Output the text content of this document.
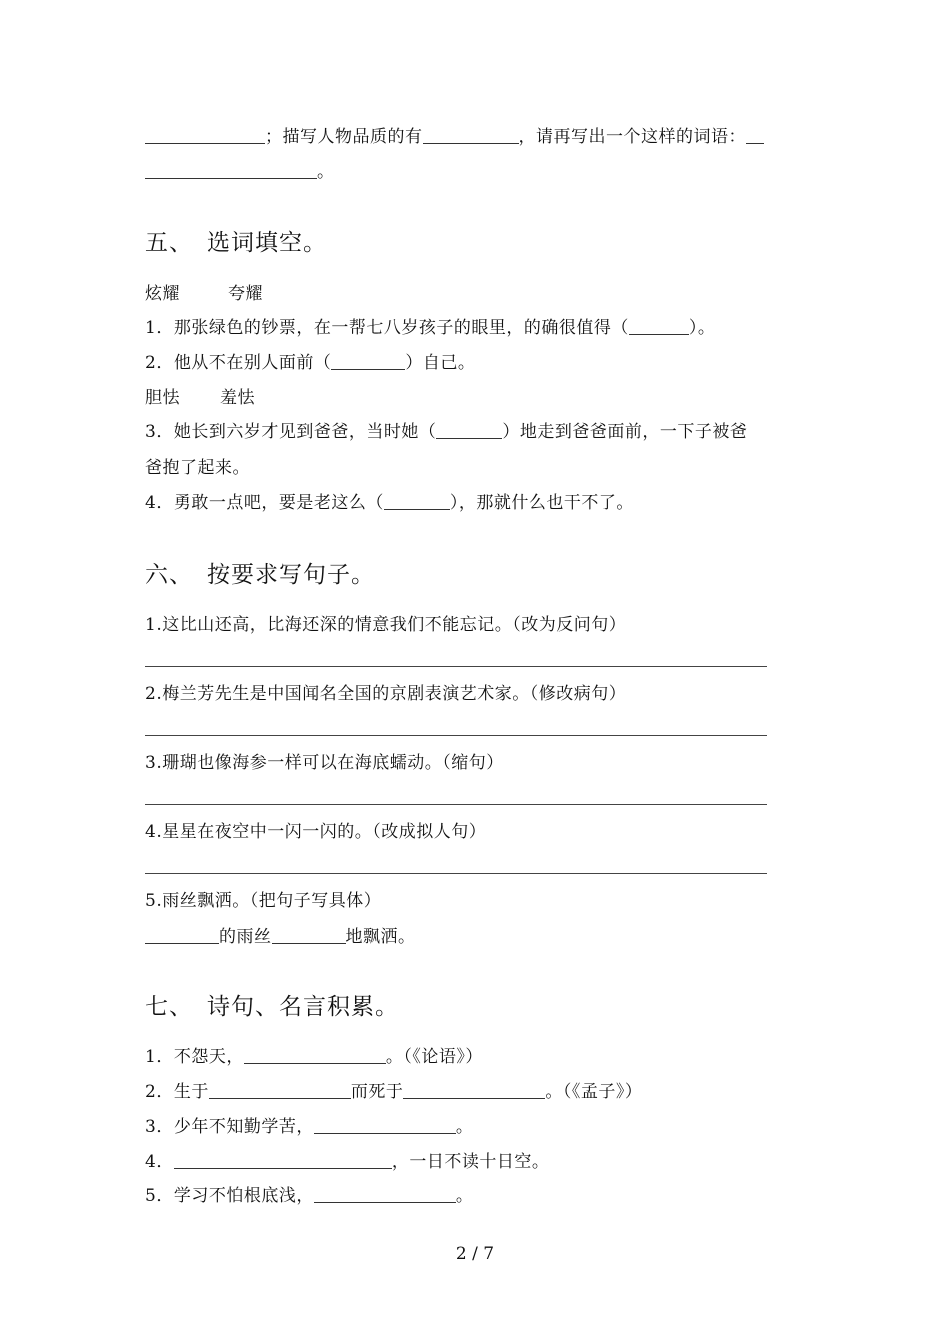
；描写人物品质的有	，请再写出一个这样的词语：
。
五、 选词填空。
炫耀	夸耀
1．那张绿色的钞票，在一帮七八岁孩子的眼里，的确很值得（	）。
2．他从不在别人面前（	）自己。
胆怯 羞怯
3．她长到六岁才见到爸爸，当时她（	）地走到爸爸面前，一下子被爸
爸抱了起来。
4．勇敢一点吧，要是老这么（	），那就什么也干不了。
六、 按要求写句子。
1.这比山还高，比海还深的情意我们不能忘记。（改为反问句）
2.梅兰芳先生是中国闻名全国的京剧表演艺术家。（修改病句）
3.珊瑚也像海参一样可以在海底蠕动。（缩句）
4.星星在夜空中一闪一闪的。（改成拟人句）
5.雨丝飘洒。（把句子写具体）
的雨丝	地飘洒。
七、 诗句、名言积累。
1．不怨天，	。（《论语》）
2．生于	而死于	。（《孟子》）
3．少年不知勤学苦，	。
4．	，一日不读十日空。
5．学习不怕根底浅，	。
2 / 7
